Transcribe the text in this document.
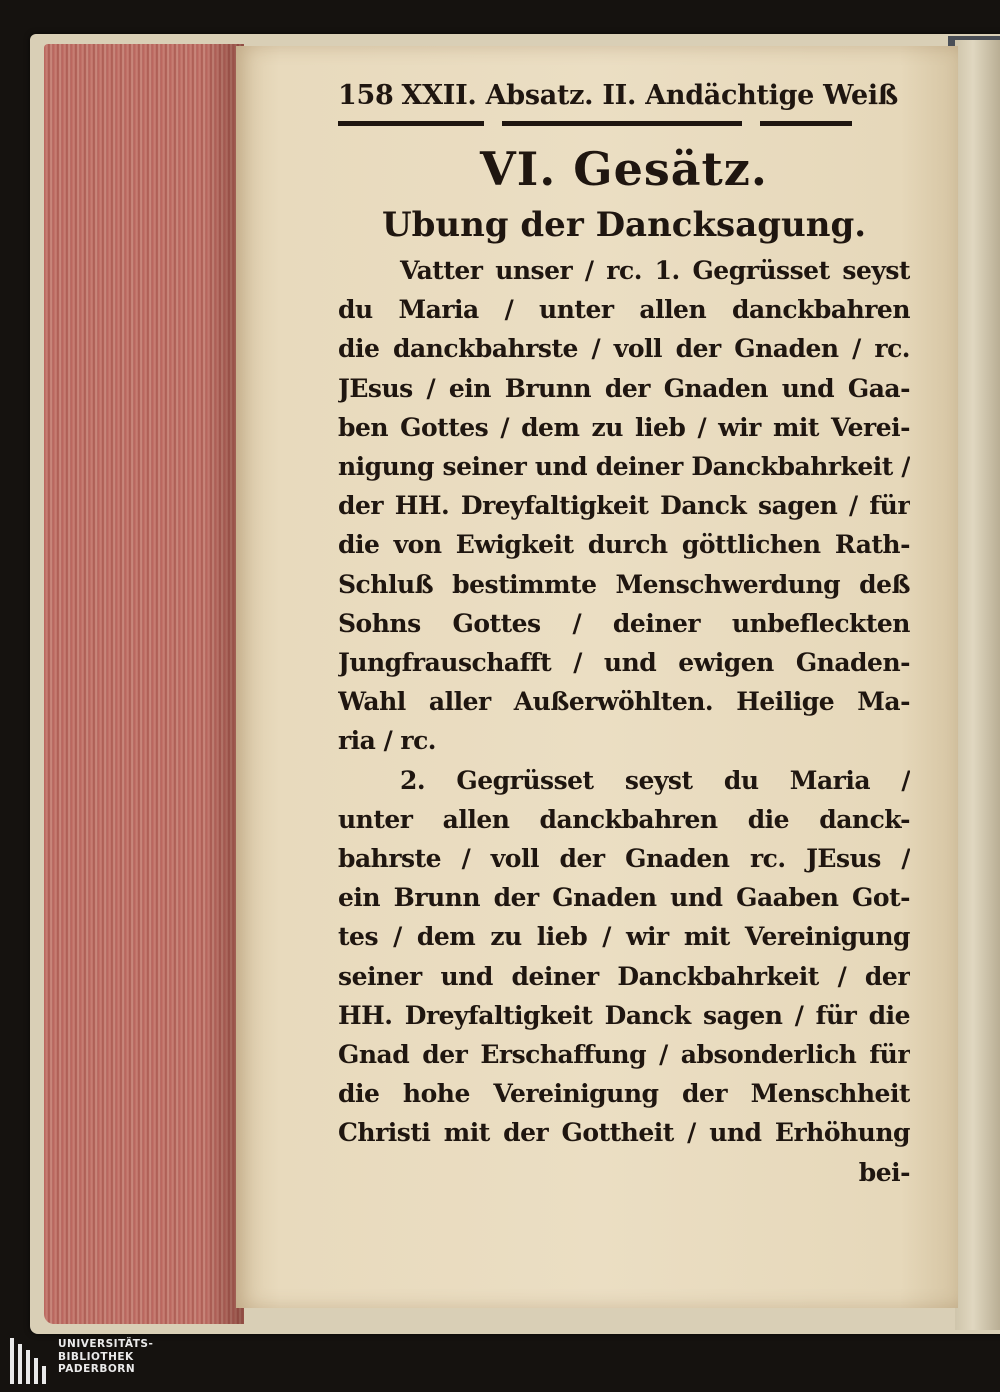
158 XXII. Absatz. II. Andächtige Weiß
VI. Gesätz.
Ubung der Dancksagung.
Vatter unser / rc. 1. Gegrüsset seyst
du Maria / unter allen danckbahren
die danckbahrste / voll der Gnaden / rc.
JEsus / ein Brunn der Gnaden und Gaa-
ben Gottes / dem zu lieb / wir mit Verei-
nigung seiner und deiner Danckbahrkeit /
der HH. Dreyfaltigkeit Danck sagen / für
die von Ewigkeit durch göttlichen Rath-
Schluß bestimmte Menschwerdung deß
Sohns Gottes / deiner unbefleckten
Jungfrauschafft / und ewigen Gnaden-
Wahl aller Außerwöhlten. Heilige Ma-
ria / rc.
2. Gegrüsset seyst du Maria /
unter allen danckbahren die danck-
bahrste / voll der Gnaden rc. JEsus /
ein Brunn der Gnaden und Gaaben Got-
tes / dem zu lieb / wir mit Vereinigung
seiner und deiner Danckbahrkeit / der
HH. Dreyfaltigkeit Danck sagen / für die
Gnad der Erschaffung / absonderlich für
die hohe Vereinigung der Menschheit
Christi mit der Gottheit / und Erhöhung
bei-
UNIVERSITÄTS-
BIBLIOTHEK
PADERBORN
